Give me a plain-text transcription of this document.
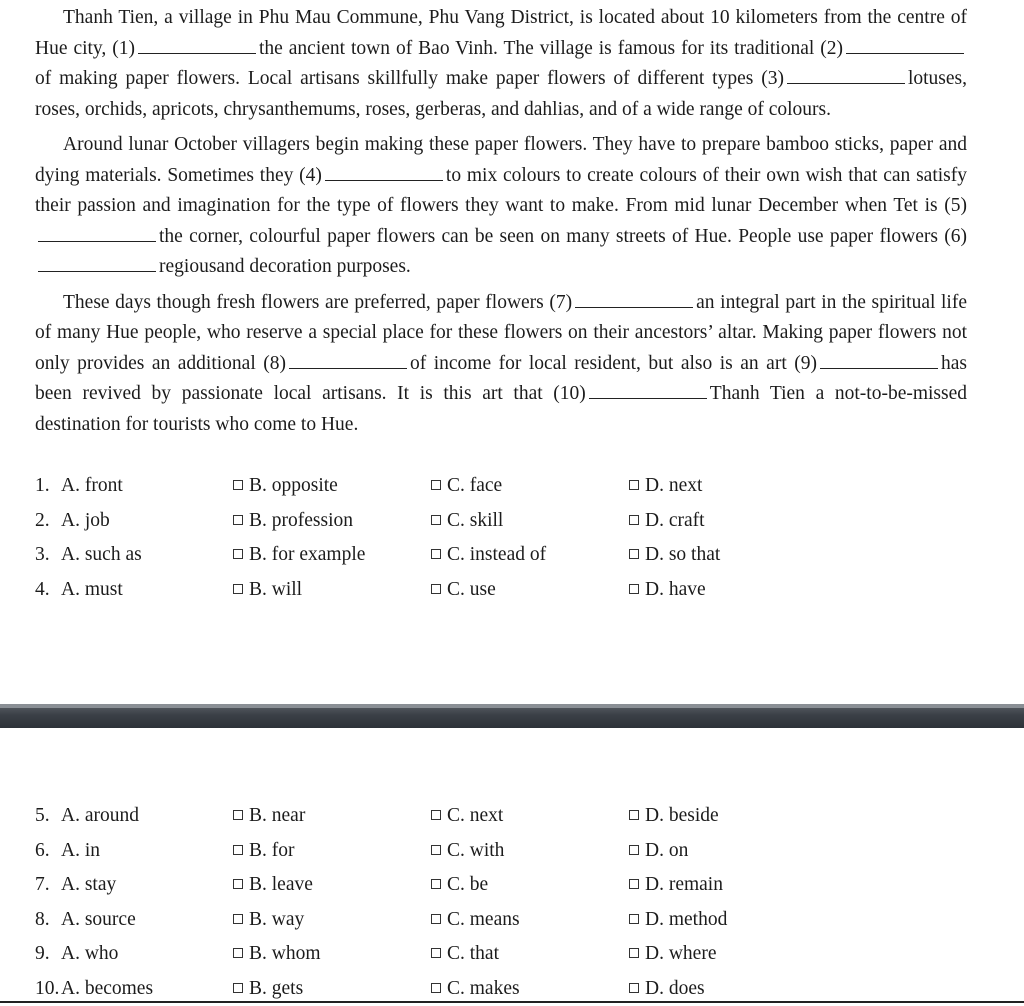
Thanh Tien, a village in Phu Mau Commune, Phu Vang District, is located about 10 kilometers from the centre of Hue city, (1)	the ancient town of Bao Vinh. The village is famous for its traditional (2)of making paper flowers. Local artisans skillfully make paper flowers of different types (3)	lotuses, roses, orchids, apricots, chrysanthemums, roses, gerberas, and dahlias, and of a wide range of colours.

Around lunar October villagers begin making these paper flowers. They have to prepare bamboo sticks, paper and dying materials. Sometimes they (4)	to mix colours to create colours of their own wish that can satisfy their passion and imagination for the type of flowers they want to make. From mid lunar December when Tet is (5)the corner, colourful paper flowers can be seen on many streets of Hue. People use paper flowers (6)regiousand decoration purposes.

These days though fresh flowers are preferred, paper flowers (7)	an integral part in the spiritual life of many Hue people, who reserve a special place for these flowers on their ancestors’ altar. Making paper flowers not only provides an additional (8)	of income for local resident, but also is an art (9)	has been revived by passionate local artisans. It is this art that (10)	Thanh Tien a not-to-be-missed destination for tourists who come to Hue.

1. A. front	B. opposite	C. face	D. next
2. A. job	B. profession	C. skill	D. craft
3. A. such as	B. for example	C. instead of	D. so that
4. A. must	B. will	C. use	D. have
5. A. around	B. near	C. next	D. beside
6. A. in	B. for	C. with	D. on
7. A. stay	B. leave	C. be	D. remain
8. A. source	B. way	C. means	D. method
9. A. who	B. whom	C. that	D. where
10. A. becomes	B. gets	C. makes	D. does
